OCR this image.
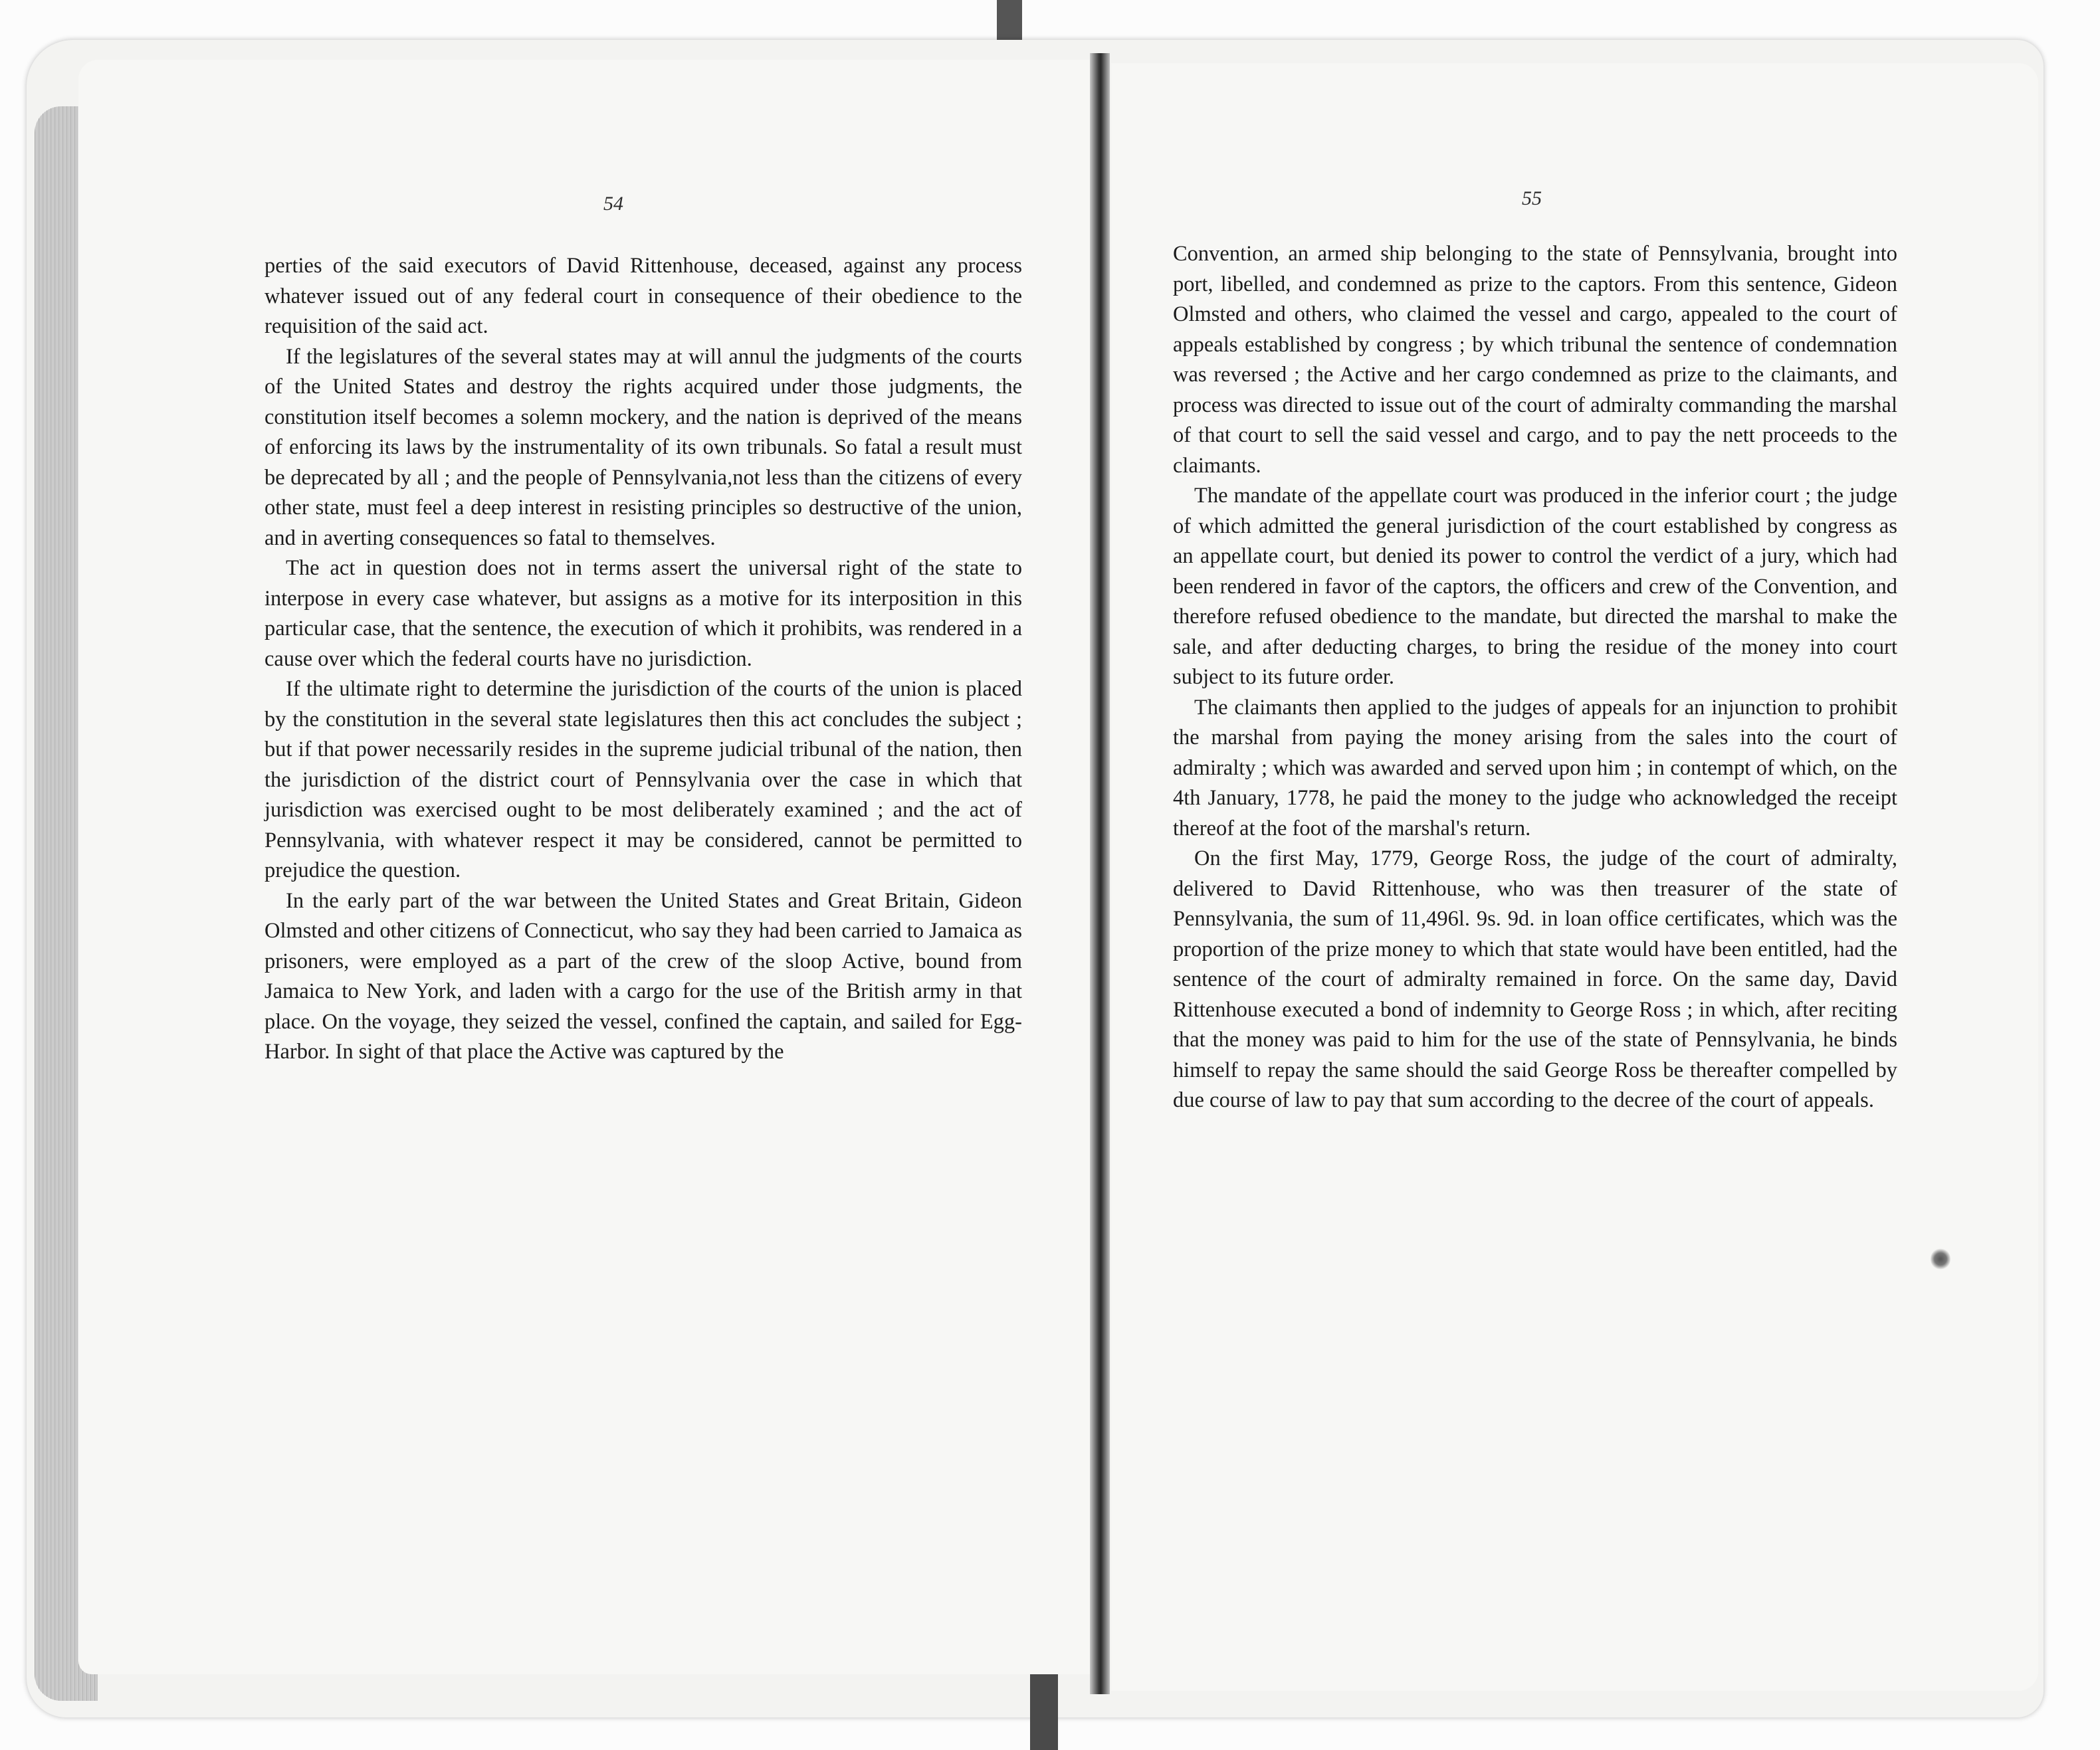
54	55

perties of the said executors of David Rittenhouse, deceased, against any process whatever issued out of any federal court in consequence of their obedience to the requisition of the said act.

If the legislatures of the several states may at will annul the judgments of the courts of the United States and destroy the rights acquired under those judgments, the constitution itself becomes a solemn mockery, and the nation is deprived of the means of enforcing its laws by the instrumentality of its own tribunals. So fatal a result must be deprecated by all ; and the people of Pennsylvania,not less than the citizens of every other state, must feel a deep interest in resisting principles so destructive of the union, and in averting consequences so fatal to themselves.

The act in question does not in terms assert the universal right of the state to interpose in every case whatever, but assigns as a motive for its interposition in this particular case, that the sentence, the execution of which it prohibits, was rendered in a cause over which the federal courts have no jurisdiction.

If the ultimate right to determine the jurisdiction of the courts of the union is placed by the constitution in the several state legislatures then this act concludes the subject ; but if that power necessarily resides in the supreme judicial tribunal of the nation, then the jurisdiction of the district court of Pennsylvania over the case in which that jurisdiction was exercised ought to be most deliberately examined ; and the act of Pennsylvania, with whatever respect it may be considered, cannot be permitted to prejudice the question.

In the early part of the war between the United States and Great Britain, Gideon Olmsted and other citizens of Connecticut, who say they had been carried to Jamaica as prisoners, were employed as a part of the crew of the sloop Active, bound from Jamaica to New York, and laden with a cargo for the use of the British army in that place. On the voyage, they seized the vessel, confined the captain, and sailed for Egg-Harbor. In sight of that place the Active was captured by the

Convention, an armed ship belonging to the state of Pennsylvania, brought into port, libelled, and condemned as prize to the captors. From this sentence, Gideon Olmsted and others, who claimed the vessel and cargo, appealed to the court of appeals established by congress ; by which tribunal the sentence of condemnation was reversed ; the Active and her cargo condemned as prize to the claimants, and process was directed to issue out of the court of admiralty commanding the marshal of that court to sell the said vessel and cargo, and to pay the nett proceeds to the claimants.

The mandate of the appellate court was produced in the inferior court ; the judge of which admitted the general jurisdiction of the court established by congress as an appellate court, but denied its power to control the verdict of a jury, which had been rendered in favor of the captors, the officers and crew of the Convention, and therefore refused obedience to the mandate, but directed the marshal to make the sale, and after deducting charges, to bring the residue of the money into court subject to its future order.

The claimants then applied to the judges of appeals for an injunction to prohibit the marshal from paying the money arising from the sales into the court of admiralty ; which was awarded and served upon him ; in contempt of which, on the 4th January, 1778, he paid the money to the judge who acknowledged the receipt thereof at the foot of the marshal's return.

On the first May, 1779, George Ross, the judge of the court of admiralty, delivered to David Rittenhouse, who was then treasurer of the state of Pennsylvania, the sum of 11,496l. 9s. 9d. in loan office certificates, which was the proportion of the prize money to which that state would have been entitled, had the sentence of the court of admiralty remained in force. On the same day, David Rittenhouse executed a bond of indemnity to George Ross ; in which, after reciting that the money was paid to him for the use of the state of Pennsylvania, he binds himself to repay the same should the said George Ross be thereafter compelled by due course of law to pay that sum according to the decree of the court of appeals.
